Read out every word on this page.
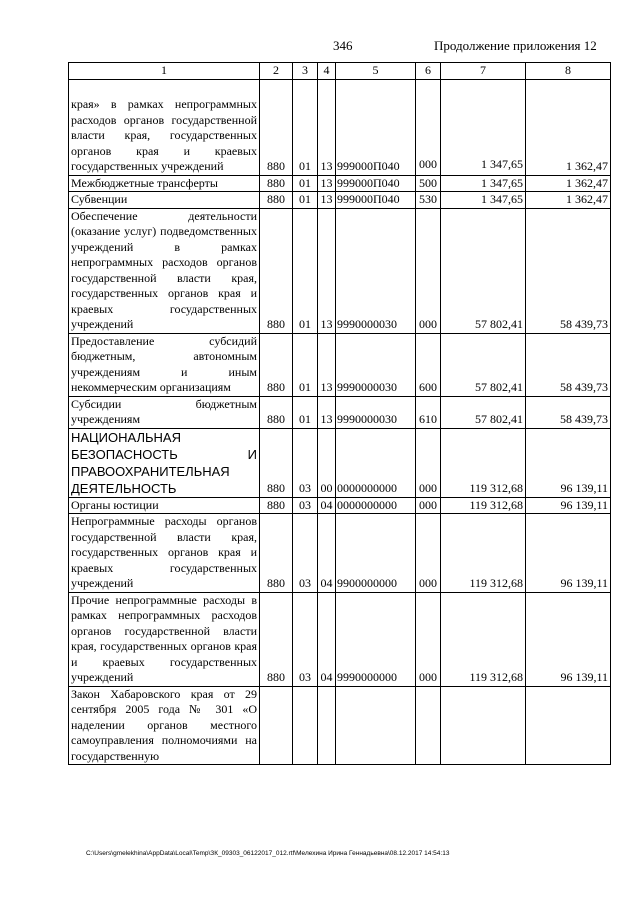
346	Продолжение приложения 12
1	2	3	4	5	6	7	8
края» в рамках непрограммных расходов органов государственной власти края, государственных органов края и краевых государственных учреждений	880	01	13	999000П040	000	1 347,65	1 362,47
Межбюджетные трансферты	880	01	13	999000П040	500	1 347,65	1 362,47
Субвенции	880	01	13	999000П040	530	1 347,65	1 362,47
Обеспечение деятельности (оказание услуг) подведомственных учреждений в рамках непрограммных расходов органов государственной власти края, государственных органов края и краевых государственных учреждений	880	01	13	9990000030	000	57 802,41	58 439,73
Предоставление субсидий бюджетным, автономным учреждениям и иным некоммерческим организациям	880	01	13	9990000030	600	57 802,41	58 439,73
Субсидии бюджетным учреждениям	880	01	13	9990000030	610	57 802,41	58 439,73
НАЦИОНАЛЬНАЯ БЕЗОПАСНОСТЬ И ПРАВООХРАНИТЕЛЬНАЯ ДЕЯТЕЛЬНОСТЬ	880	03	00	0000000000	000	119 312,68	96 139,11
Органы юстиции	880	03	04	0000000000	000	119 312,68	96 139,11
Непрограммные расходы органов государственной власти края, государственных органов края и краевых государственных учреждений	880	03	04	9900000000	000	119 312,68	96 139,11
Прочие непрограммные расходы в рамках непрограммных расходов органов государственной власти края, государственных органов края и краевых государственных учреждений	880	03	04	9990000000	000	119 312,68	96 139,11
Закон Хабаровского края от 29 сентября 2005 года № 301 «О наделении органов местного самоуправления полномочиями на государственную							
C:\Users\gmelekhina\AppData\Local\Temp\ЗК_09303_06122017_012.rtf\Мелехина Ирина Геннадьевна\08.12.2017 14:54:13
